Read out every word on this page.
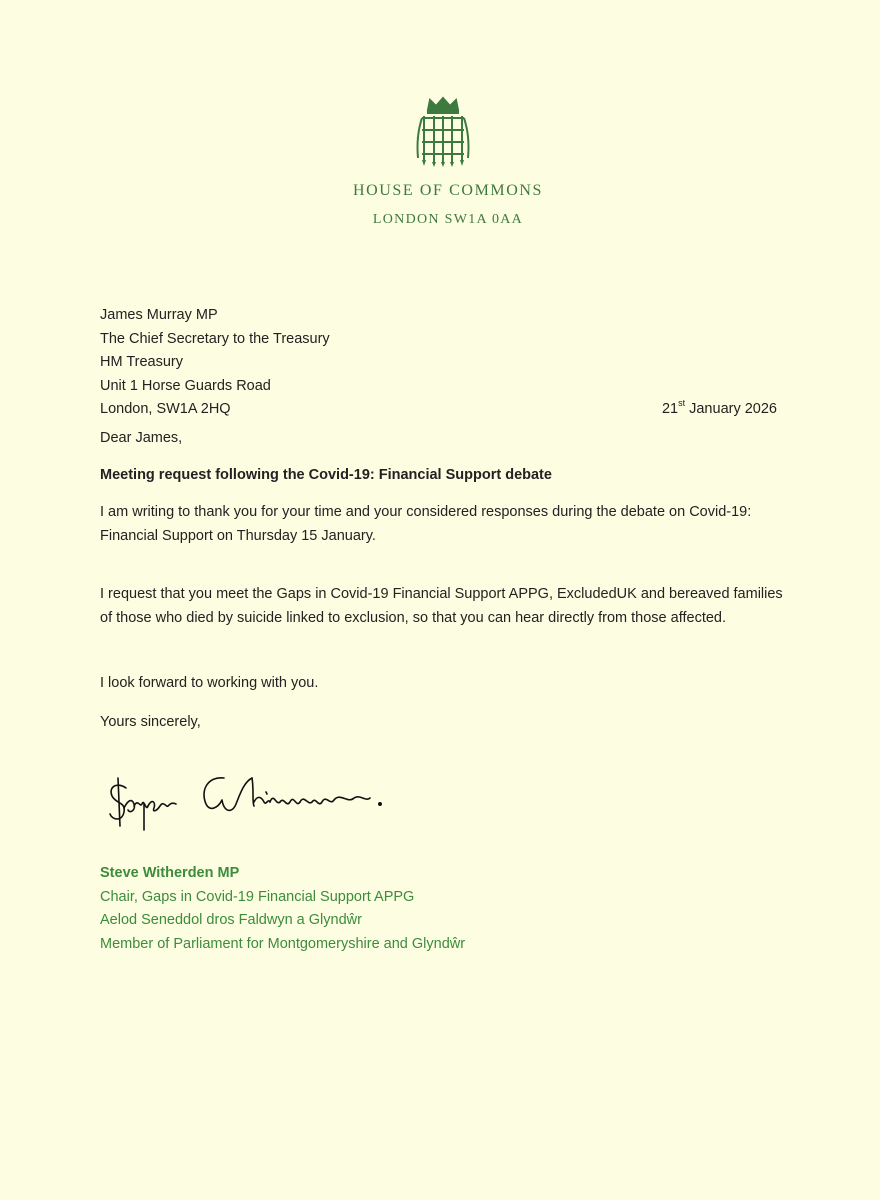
HOUSE OF COMMONS
LONDON SW1A 0AA
James Murray MP
The Chief Secretary to the Treasury
HM Treasury
Unit 1 Horse Guards Road
London, SW1A 2HQ	21st January 2026
Dear James,
Meeting request following the Covid-19: Financial Support debate
I am writing to thank you for your time and your considered responses during the debate on Covid-19: Financial Support on Thursday 15 January.
I request that you meet the Gaps in Covid-19 Financial Support APPG, ExcludedUK and bereaved families of those who died by suicide linked to exclusion, so that you can hear directly from those affected.
I look forward to working with you.
Yours sincerely,
Steve Witherden MP
Chair, Gaps in Covid-19 Financial Support APPG
Aelod Seneddol dros Faldwyn a Glyndŵr
Member of Parliament for Montgomeryshire and Glyndŵr
